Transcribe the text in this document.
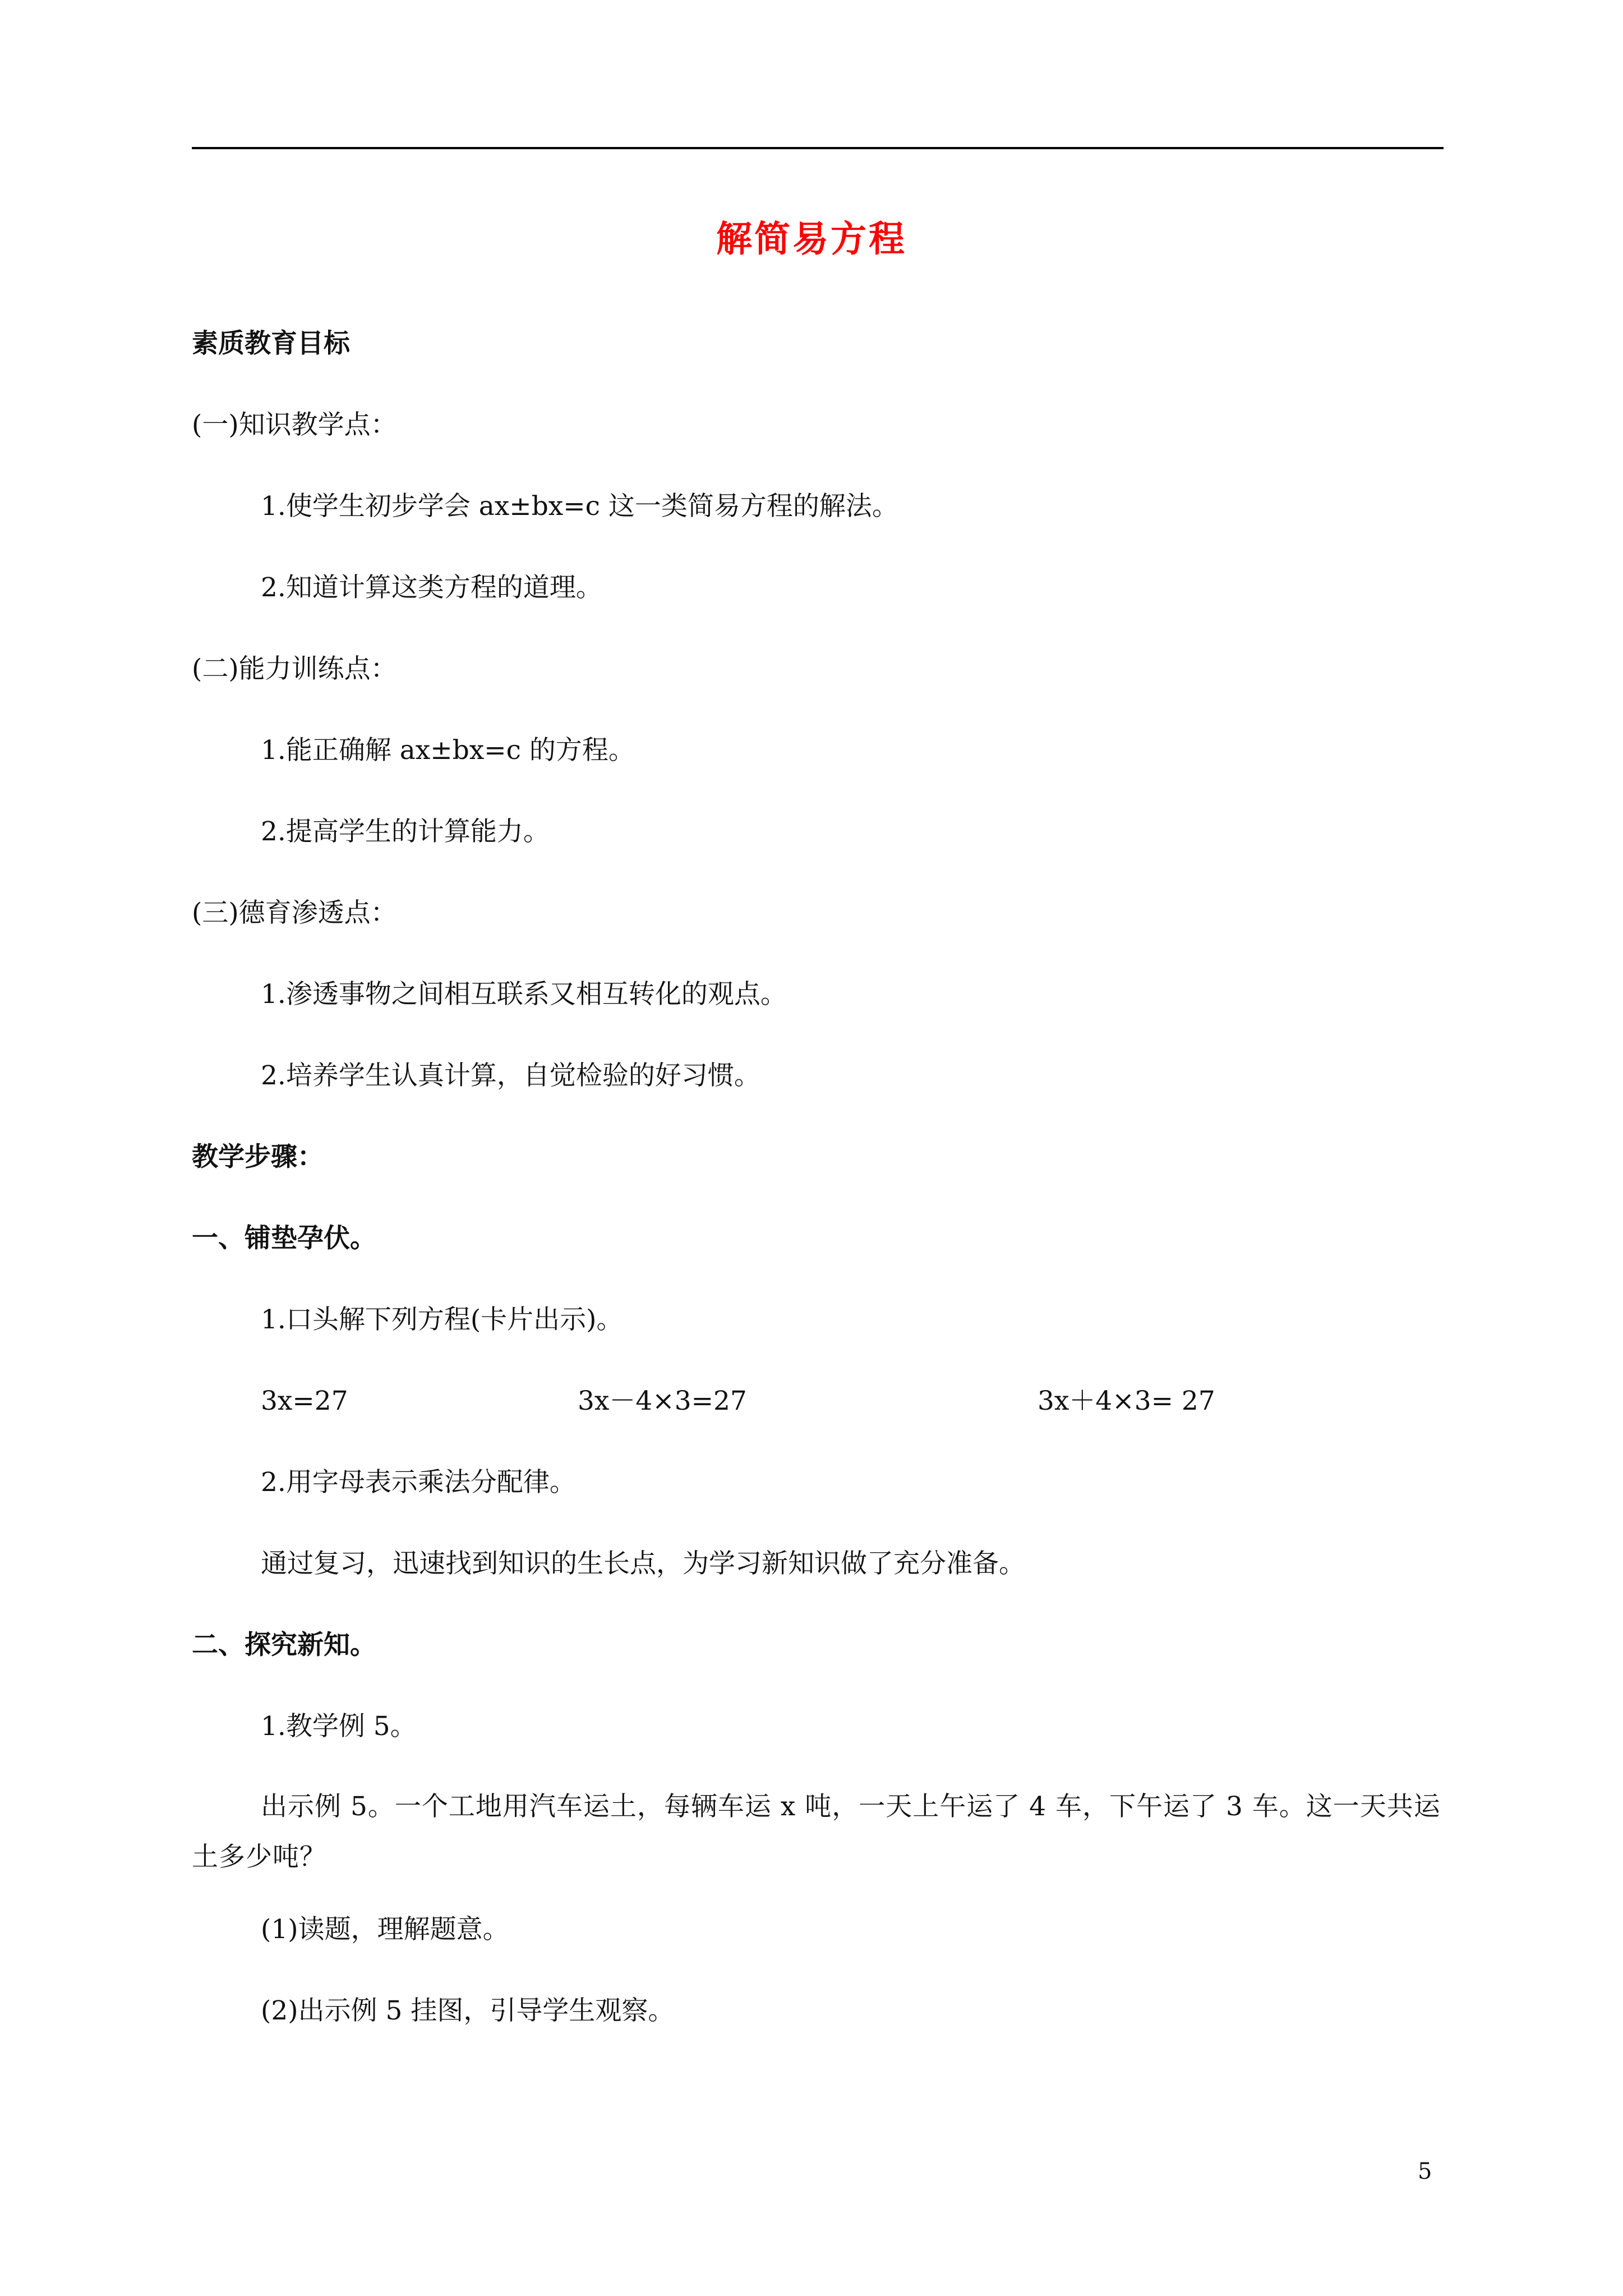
解简易方程
素质教育目标
(一)知识教学点：
1.使学生初步学会 ax±bx=c 这一类简易方程的解法。
2.知道计算这类方程的道理。
(二)能力训练点：
1.能正确解 ax±bx=c 的方程。
2.提高学生的计算能力。
(三)德育渗透点：
1.渗透事物之间相互联系又相互转化的观点。
2.培养学生认真计算，自觉检验的好习惯。
教学步骤：
一、铺垫孕伏。
1.口头解下列方程(卡片出示)。
3x=27	3x－4×3=27	3x＋4×3= 27
2.用字母表示乘法分配律。
通过复习，迅速找到知识的生长点，为学习新知识做了充分准备。
二、探究新知。
1.教学例 5。
出示例 5。一个工地用汽车运土，每辆车运 x 吨，一天上午运了 4 车，下午运了 3 车。这一天共运土多少吨？
(1)读题，理解题意。
(2)出示例 5 挂图，引导学生观察。
5
